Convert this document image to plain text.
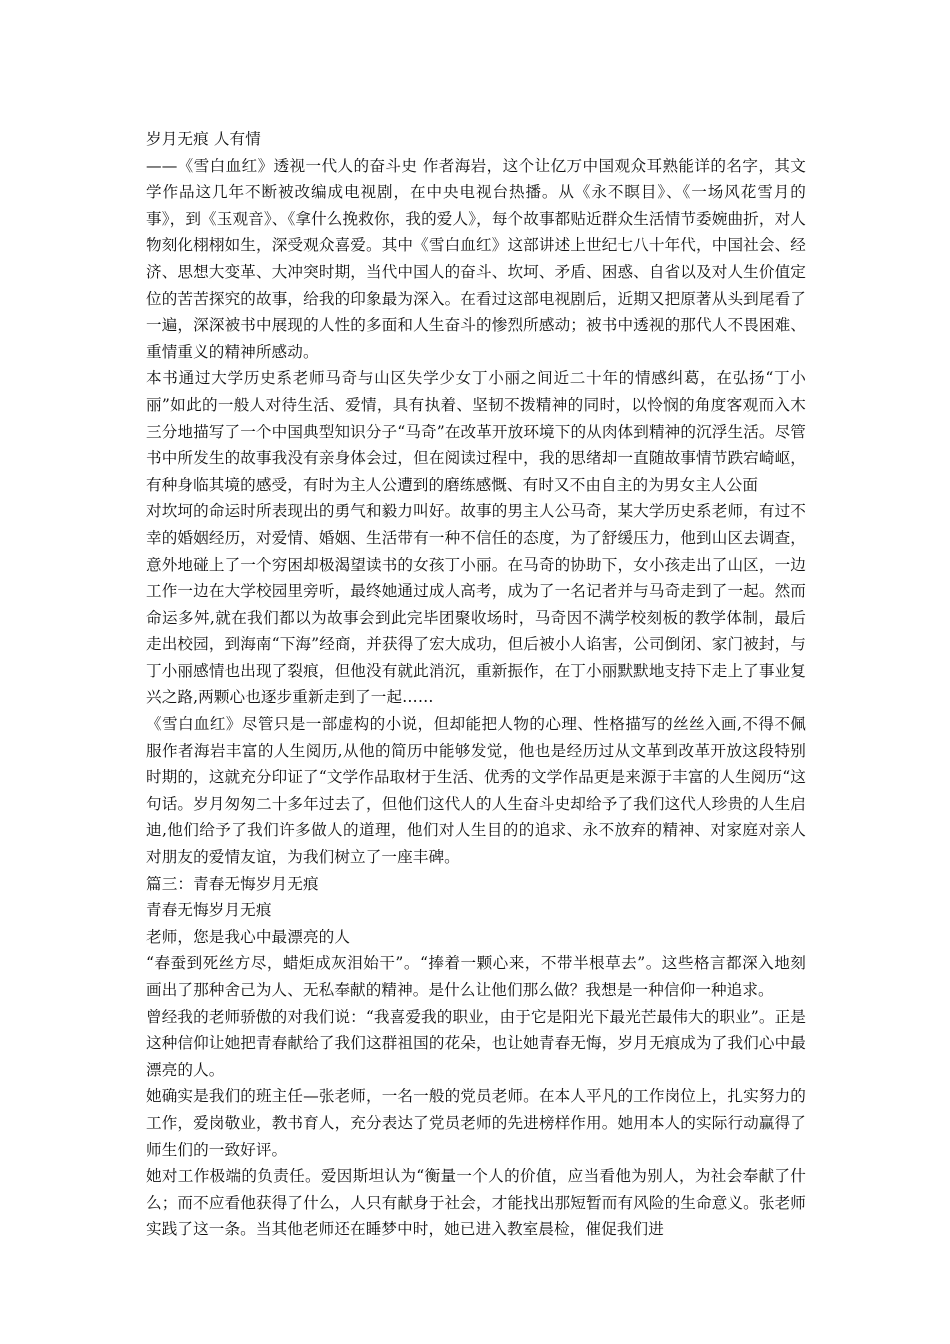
岁月无痕 人有情

——《雪白血红》透视一代人的奋斗史 作者海岩，这个让亿万中国观众耳熟能详的名字，其文学作品这几年不断被改编成电视剧，在中央电视台热播。从《永不瞑目》、《一场风花雪月的事》，到《玉观音》、《拿什么挽救你，我的爱人》，每个故事都贴近群众生活情节委婉曲折，对人物刻化栩栩如生，深受观众喜爱。其中《雪白血红》这部讲述上世纪七八十年代，中国社会、经济、思想大变革、大冲突时期，当代中国人的奋斗、坎坷、矛盾、困惑、自省以及对人生价值定位的苦苦探究的故事，给我的印象最为深入。在看过这部电视剧后，近期又把原著从头到尾看了一遍，深深被书中展现的人性的多面和人生奋斗的惨烈所感动；被书中透视的那代人不畏困难、重情重义的精神所感动。

本书通过大学历史系老师马奇与山区失学少女丁小丽之间近二十年的情感纠葛，在弘扬“丁小丽”如此的一般人对待生活、爱情，具有执着、坚韧不拨精神的同时，以怜悯的角度客观而入木三分地描写了一个中国典型知识分子“马奇”在改革开放环境下的从肉体到精神的沉浮生活。尽管书中所发生的故事我没有亲身体会过，但在阅读过程中，我的思绪却一直随故事情节跌宕崎岖，有种身临其境的感受，有时为主人公遭到的磨练感慨、有时又不由自主的为男女主人公面

对坎坷的命运时所表现出的勇气和毅力叫好。故事的男主人公马奇，某大学历史系老师，有过不幸的婚姻经历，对爱情、婚姻、生活带有一种不信任的态度，为了舒缓压力，他到山区去调查，意外地碰上了一个穷困却极渴望读书的女孩丁小丽。在马奇的协助下，女小孩走出了山区，一边工作一边在大学校园里旁听，最终她通过成人高考，成为了一名记者并与马奇走到了一起。然而命运多舛,就在我们都以为故事会到此完毕团聚收场时，马奇因不满学校刻板的教学体制，最后走出校园，到海南“下海”经商，并获得了宏大成功，但后被小人谄害，公司倒闭、家门被封，与丁小丽感情也出现了裂痕，但他没有就此消沉，重新振作，在丁小丽默默地支持下走上了事业复兴之路,两颗心也逐步重新走到了一起……

《雪白血红》尽管只是一部虚构的小说，但却能把人物的心理、性格描写的丝丝入画,不得不佩服作者海岩丰富的人生阅历,从他的简历中能够发觉，他也是经历过从文革到改革开放这段特别时期的，这就充分印证了“文学作品取材于生活、优秀的文学作品更是来源于丰富的人生阅历“这句话。岁月匆匆二十多年过去了，但他们这代人的人生奋斗史却给予了我们这代人珍贵的人生启迪,他们给予了我们许多做人的道理，他们对人生目的的追求、永不放弃的精神、对家庭对亲人对朋友的爱情友谊，为我们树立了一座丰碑。

篇三：青春无悔岁月无痕

青春无悔岁月无痕

老师，您是我心中最漂亮的人

“春蚕到死丝方尽，蜡炬成灰泪始干”。“捧着一颗心来，不带半根草去”。这些格言都深入地刻画出了那种舍己为人、无私奉献的精神。是什么让他们那么做？我想是一种信仰一种追求。

曾经我的老师骄傲的对我们说：“我喜爱我的职业，由于它是阳光下最光芒最伟大的职业”。正是这种信仰让她把青春献给了我们这群祖国的花朵，也让她青春无悔，岁月无痕成为了我们心中最漂亮的人。

她确实是我们的班主任—张老师，一名一般的党员老师。在本人平凡的工作岗位上，扎实努力的工作，爱岗敬业，教书育人，充分表达了党员老师的先进榜样作用。她用本人的实际行动赢得了师生们的一致好评。

她对工作极端的负责任。爱因斯坦认为“衡量一个人的价值，应当看他为别人，为社会奉献了什么；而不应看他获得了什么，人只有献身于社会，才能找出那短暂而有风险的生命意义。张老师实践了这一条。当其他老师还在睡梦中时，她已进入教室晨检，催促我们进
